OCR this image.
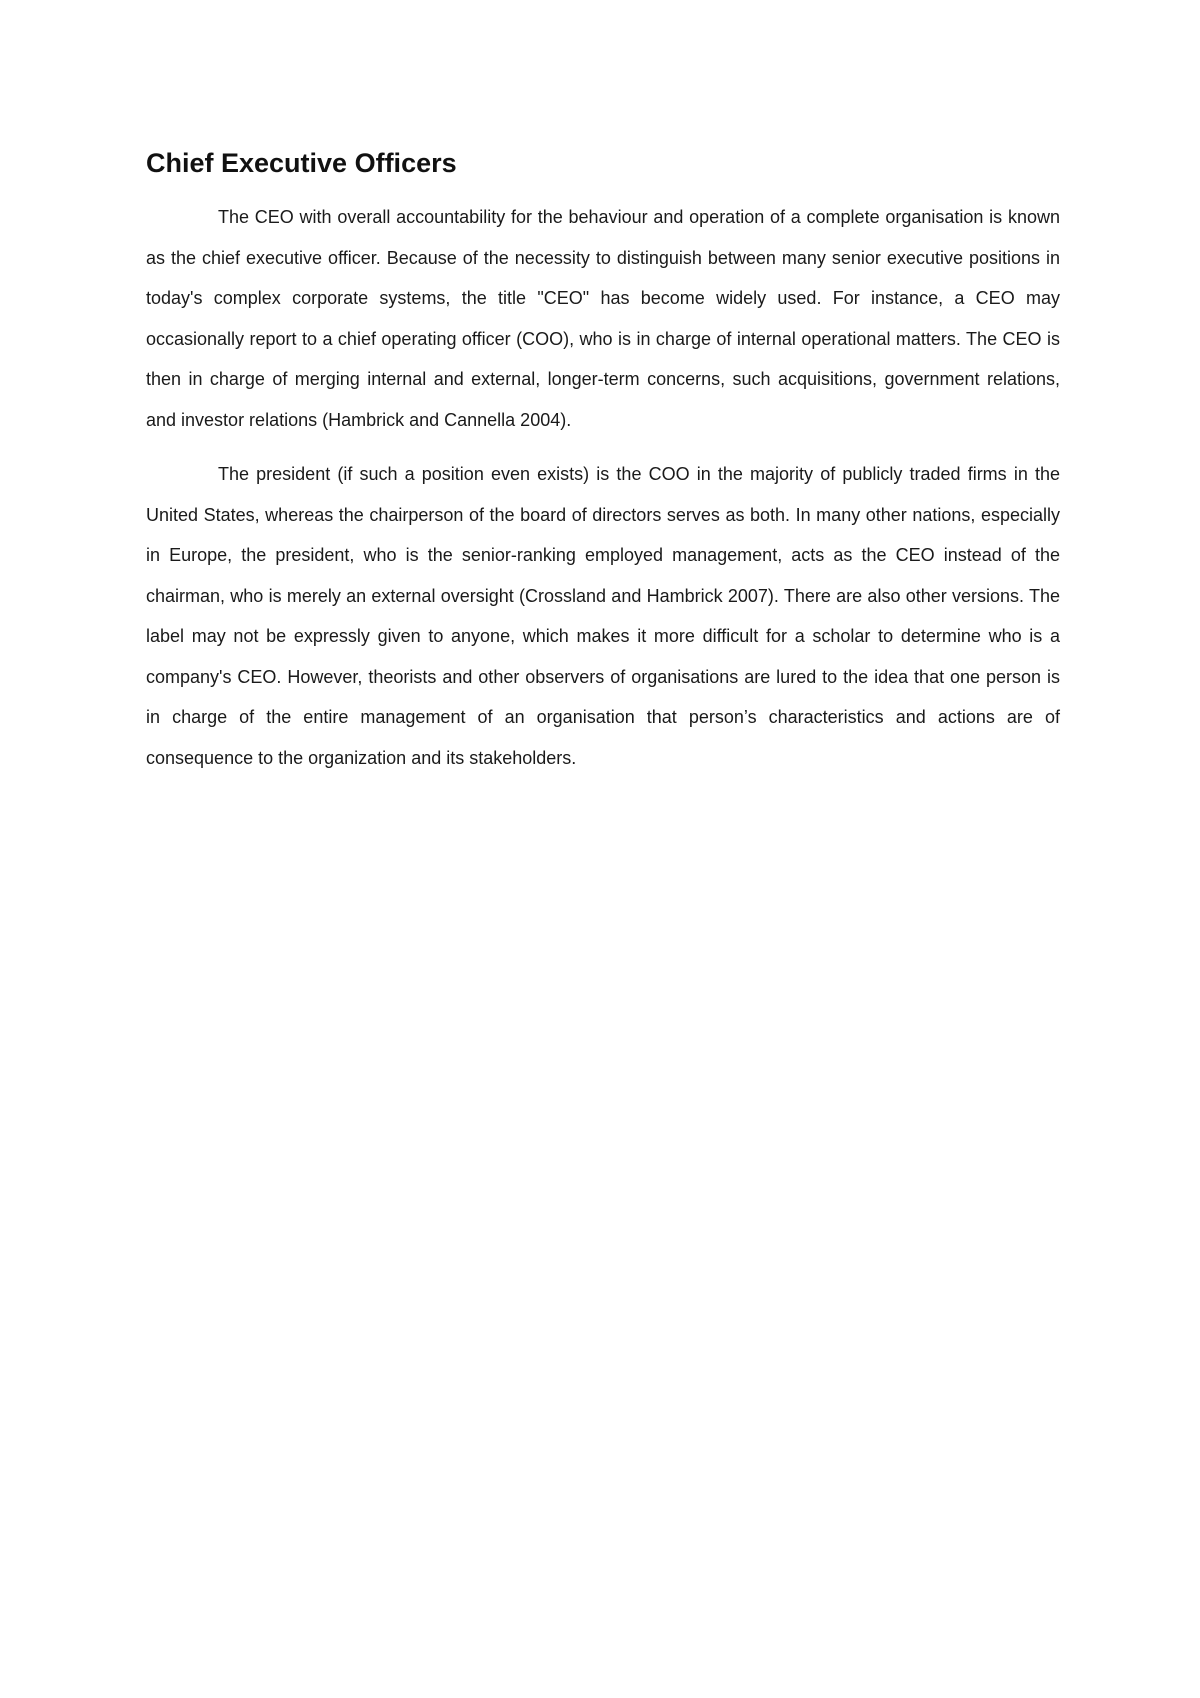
Chief Executive Officers

The CEO with overall accountability for the behaviour and operation of a complete organisation is known as the chief executive officer. Because of the necessity to distinguish between many senior executive positions in today's complex corporate systems, the title "CEO" has become widely used. For instance, a CEO may occasionally report to a chief operating officer (COO), who is in charge of internal operational matters. The CEO is then in charge of merging internal and external, longer-term concerns, such acquisitions, government relations, and investor relations (Hambrick and Cannella 2004).

The president (if such a position even exists) is the COO in the majority of publicly traded firms in the United States, whereas the chairperson of the board of directors serves as both. In many other nations, especially in Europe, the president, who is the senior-ranking employed management, acts as the CEO instead of the chairman, who is merely an external oversight (Crossland and Hambrick 2007). There are also other versions. The label may not be expressly given to anyone, which makes it more difficult for a scholar to determine who is a company's CEO. However, theorists and other observers of organisations are lured to the idea that one person is in charge of the entire management of an organisation that person’s characteristics and actions are of consequence to the organization and its stakeholders.
